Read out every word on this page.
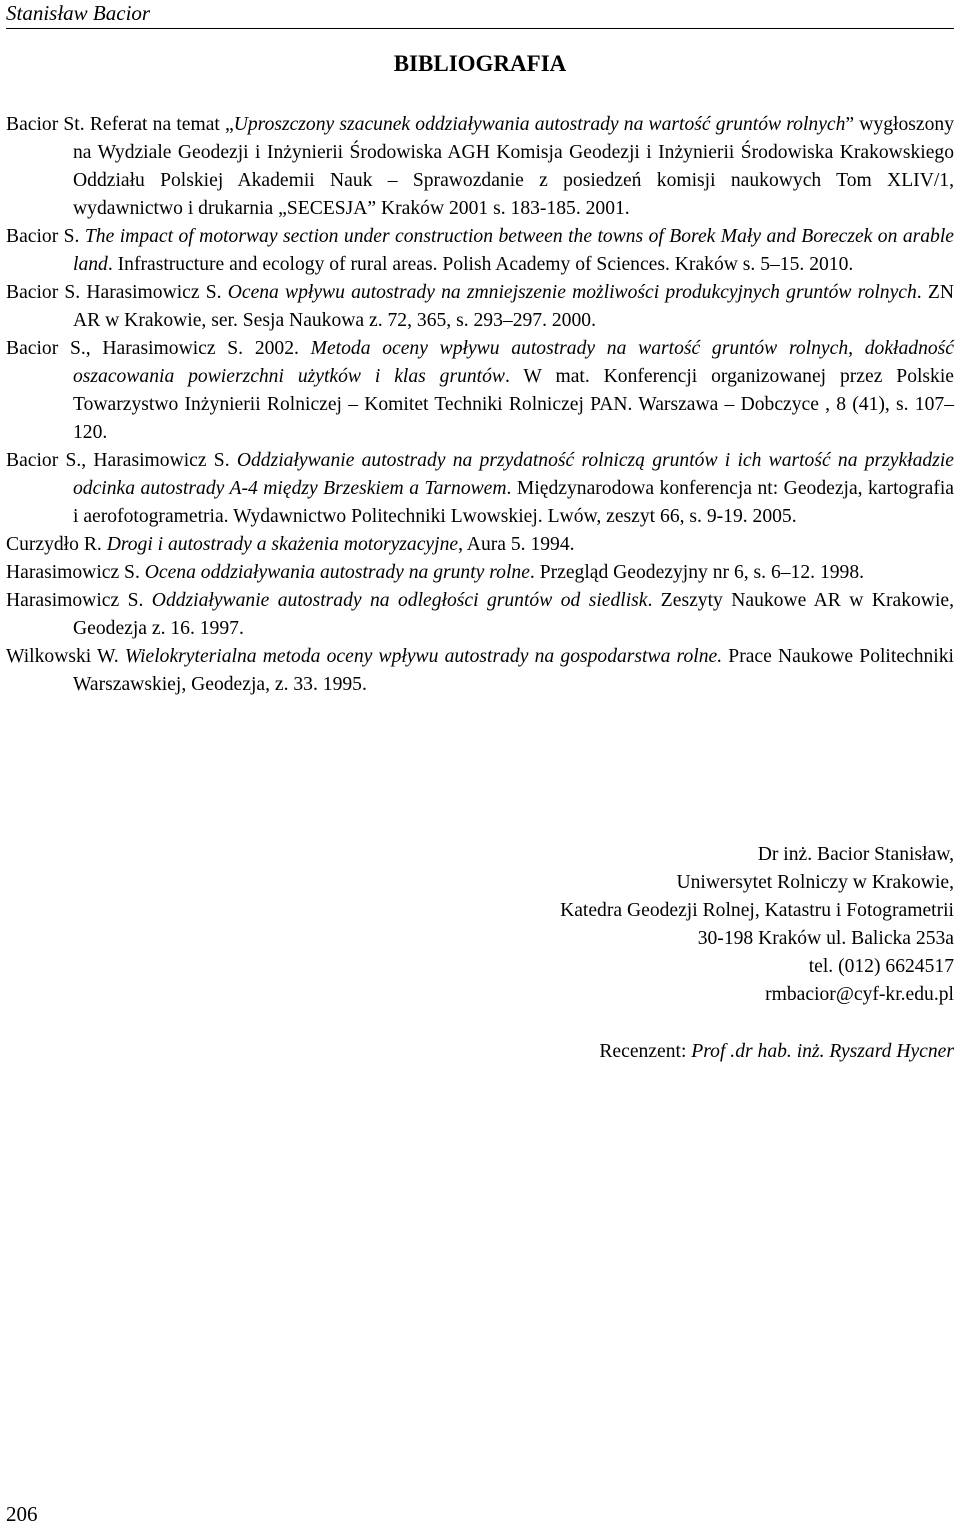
Stanisław Bacior
BIBLIOGRAFIA

Bacior St. Referat na temat „Uproszczony szacunek oddziaływania autostrady na wartość gruntów rolnych” wygłoszony na Wydziale Geodezji i Inżynierii Środowiska AGH Komisja Geodezji i Inżynierii Środowiska Krakowskiego Oddziału Polskiej Akademii Nauk – Sprawozdanie z posiedzeń komisji naukowych Tom XLIV/1, wydawnictwo i drukarnia „SECESJA” Kraków 2001 s. 183-185. 2001.

Bacior S. The impact of motorway section under construction between the towns of Borek Mały and Boreczek on arable land. Infrastructure and ecology of rural areas. Polish Academy of Sciences. Kraków s. 5–15. 2010.

Bacior S. Harasimowicz S. Ocena wpływu autostrady na zmniejszenie możliwości produkcyjnych gruntów rolnych. ZN AR w Krakowie, ser. Sesja Naukowa z. 72, 365, s. 293–297. 2000.

Bacior S., Harasimowicz S. 2002. Metoda oceny wpływu autostrady na wartość gruntów rolnych, dokładność oszacowania powierzchni użytków i klas gruntów. W mat. Konferencji organizowanej przez Polskie Towarzystwo Inżynierii Rolniczej – Komitet Techniki Rolniczej PAN. Warszawa – Dobczyce , 8 (41), s. 107–120.

Bacior S., Harasimowicz S. Oddziaływanie autostrady na przydatność rolniczą gruntów i ich wartość na przykładzie odcinka autostrady A-4 między Brzeskiem a Tarnowem. Międzynarodowa konferencja nt: Geodezja, kartografia i aerofotogrametria. Wydawnictwo Politechniki Lwowskiej. Lwów, zeszyt 66, s. 9-19. 2005.

Curzydło R. Drogi i autostrady a skażenia motoryzacyjne, Aura 5. 1994.

Harasimowicz S. Ocena oddziaływania autostrady na grunty rolne. Przegląd Geodezyjny nr 6, s. 6–12. 1998.

Harasimowicz S. Oddziaływanie autostrady na odległości gruntów od siedlisk. Zeszyty Naukowe AR w Krakowie, Geodezja z. 16. 1997.

Wilkowski W. Wielokryterialna metoda oceny wpływu autostrady na gospodarstwa rolne. Prace Naukowe Politechniki Warszawskiej, Geodezja, z. 33. 1995.

Dr inż. Bacior Stanisław,
Uniwersytet Rolniczy w Krakowie,
Katedra Geodezji Rolnej, Katastru i Fotogrametrii
30-198 Kraków ul. Balicka 253a
tel. (012) 6624517
rmbacior@cyf-kr.edu.pl
Recenzent: Prof .dr hab. inż. Ryszard Hycner
206
